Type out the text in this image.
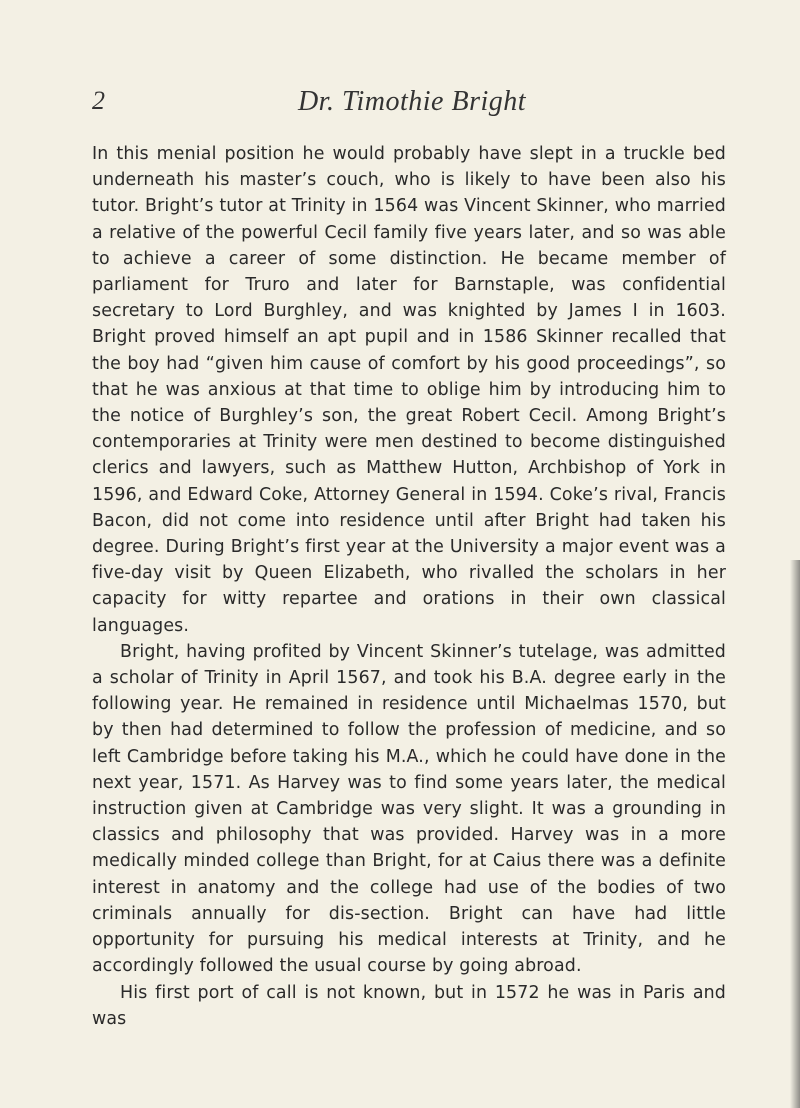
2	Dr. Timothie Bright

In this menial position he would probably have slept in a truckle bed underneath his master’s couch, who is likely to have been also his tutor. Bright’s tutor at Trinity in 1564 was Vincent Skinner, who married a relative of the powerful Cecil family five years later, and so was able to achieve a career of some distinction. He became member of parliament for Truro and later for Barnstaple, was confidential secretary to Lord Burghley, and was knighted by James I in 1603. Bright proved himself an apt pupil and in 1586 Skinner recalled that the boy had “given him cause of comfort by his good proceedings”, so that he was anxious at that time to oblige him by introducing him to the notice of Burghley’s son, the great Robert Cecil. Among Bright’s contemporaries at Trinity were men destined to become distinguished clerics and lawyers, such as Matthew Hutton, Archbishop of York in 1596, and Edward Coke, Attorney General in 1594. Coke’s rival, Francis Bacon, did not come into residence until after Bright had taken his degree. During Bright’s first year at the University a major event was a five-day visit by Queen Elizabeth, who rivalled the scholars in her capacity for witty repartee and orations in their own classical languages.

Bright, having profited by Vincent Skinner’s tutelage, was admitted a scholar of Trinity in April 1567, and took his B.A. degree early in the following year. He remained in residence until Michaelmas 1570, but by then had determined to follow the profession of medicine, and so left Cambridge before taking his M.A., which he could have done in the next year, 1571. As Harvey was to find some years later, the medical instruction given at Cambridge was very slight. It was a grounding in classics and philosophy that was provided. Harvey was in a more medically minded college than Bright, for at Caius there was a definite interest in anatomy and the college had use of the bodies of two criminals annually for dis-section. Bright can have had little opportunity for pursuing his medical interests at Trinity, and he accordingly followed the usual course by going abroad.

His first port of call is not known, but in 1572 he was in Paris and was
